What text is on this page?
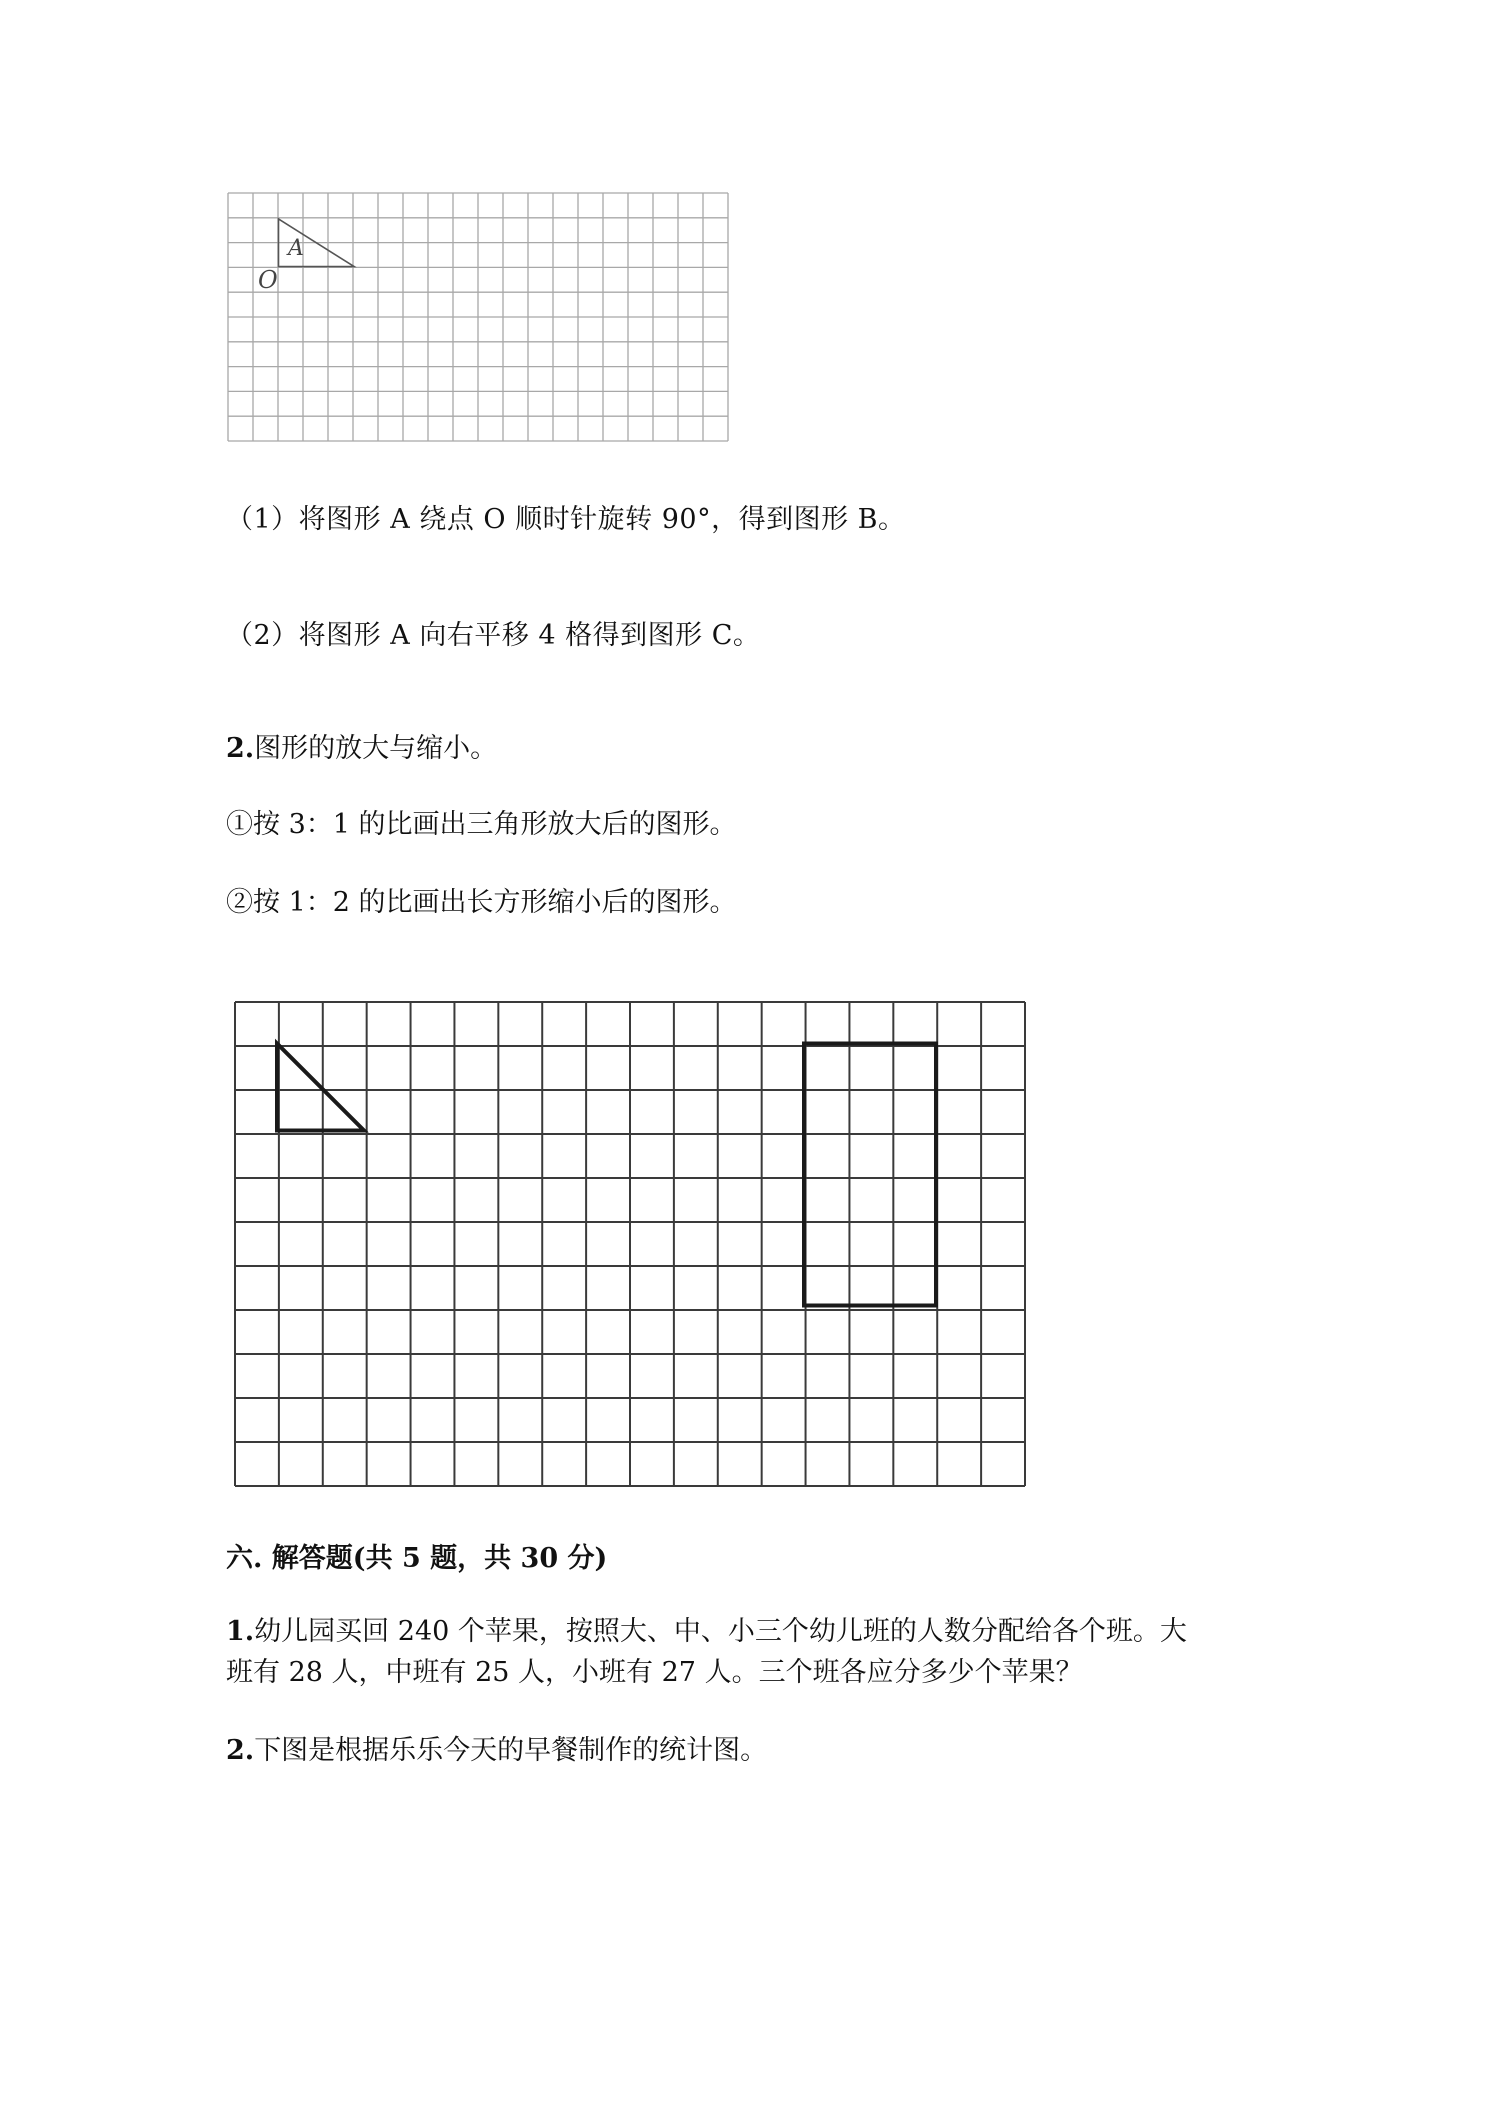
A
O
（1）将图形 A 绕点 O 顺时针旋转 90°，得到图形 B。
（2）将图形 A 向右平移 4 格得到图形 C。
2.图形的放大与缩小。
①按 3：1 的比画出三角形放大后的图形。
②按 1：2 的比画出长方形缩小后的图形。
六. 解答题(共 5 题，共 30 分)
1.幼儿园买回 240 个苹果，按照大、中、小三个幼儿班的人数分配给各个班。大
班有 28 人，中班有 25 人，小班有 27 人。三个班各应分多少个苹果？
2.下图是根据乐乐今天的早餐制作的统计图。
